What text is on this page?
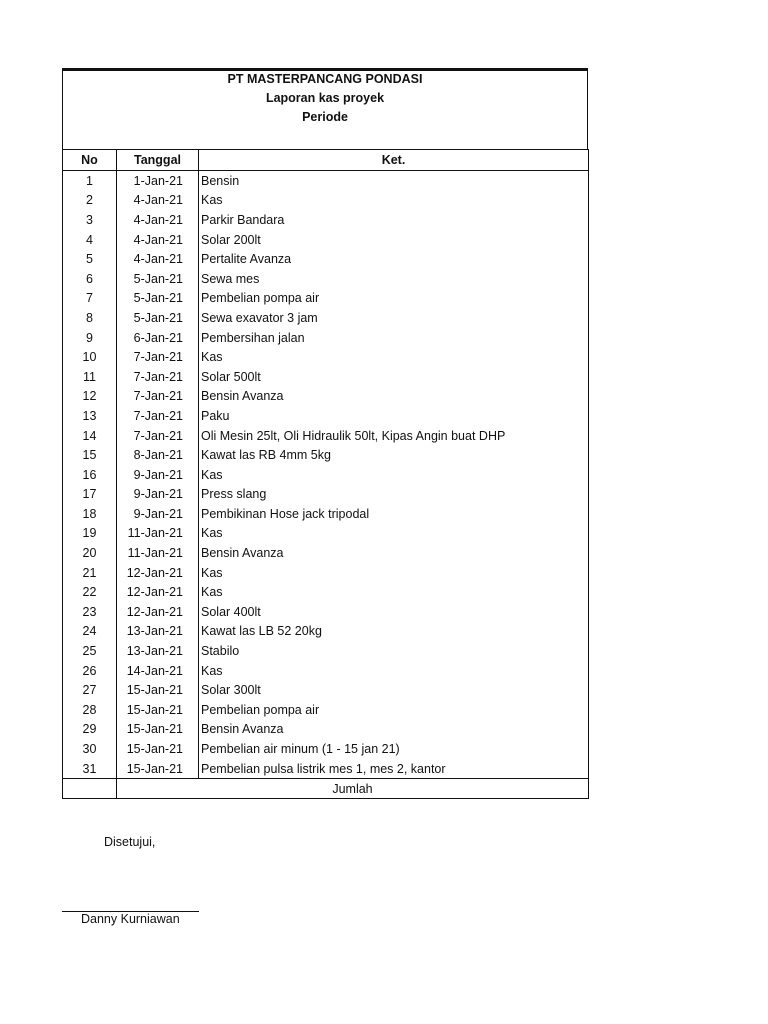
PT MASTERPANCANG PONDASI
Laporan kas proyek
Periode
No	Tanggal	Ket.
1	1-Jan-21	Bensin
2	4-Jan-21	Kas
3	4-Jan-21	Parkir Bandara
4	4-Jan-21	Solar 200lt
5	4-Jan-21	Pertalite Avanza
6	5-Jan-21	Sewa mes
7	5-Jan-21	Pembelian pompa air
8	5-Jan-21	Sewa exavator 3 jam
9	6-Jan-21	Pembersihan jalan
10	7-Jan-21	Kas
11	7-Jan-21	Solar 500lt
12	7-Jan-21	Bensin Avanza
13	7-Jan-21	Paku
14	7-Jan-21	Oli Mesin 25lt, Oli Hidraulik 50lt, Kipas Angin buat DHP
15	8-Jan-21	Kawat las RB 4mm 5kg
16	9-Jan-21	Kas
17	9-Jan-21	Press slang
18	9-Jan-21	Pembikinan Hose jack tripodal
19	11-Jan-21	Kas
20	11-Jan-21	Bensin Avanza
21	12-Jan-21	Kas
22	12-Jan-21	Kas
23	12-Jan-21	Solar 400lt
24	13-Jan-21	Kawat las LB 52 20kg
25	13-Jan-21	Stabilo
26	14-Jan-21	Kas
27	15-Jan-21	Solar 300lt
28	15-Jan-21	Pembelian pompa air
29	15-Jan-21	Bensin Avanza
30	15-Jan-21	Pembelian air minum (1 - 15 jan 21)
31	15-Jan-21	Pembelian pulsa listrik mes 1, mes 2, kantor
	Jumlah	
Disetujui,
Danny Kurniawan
